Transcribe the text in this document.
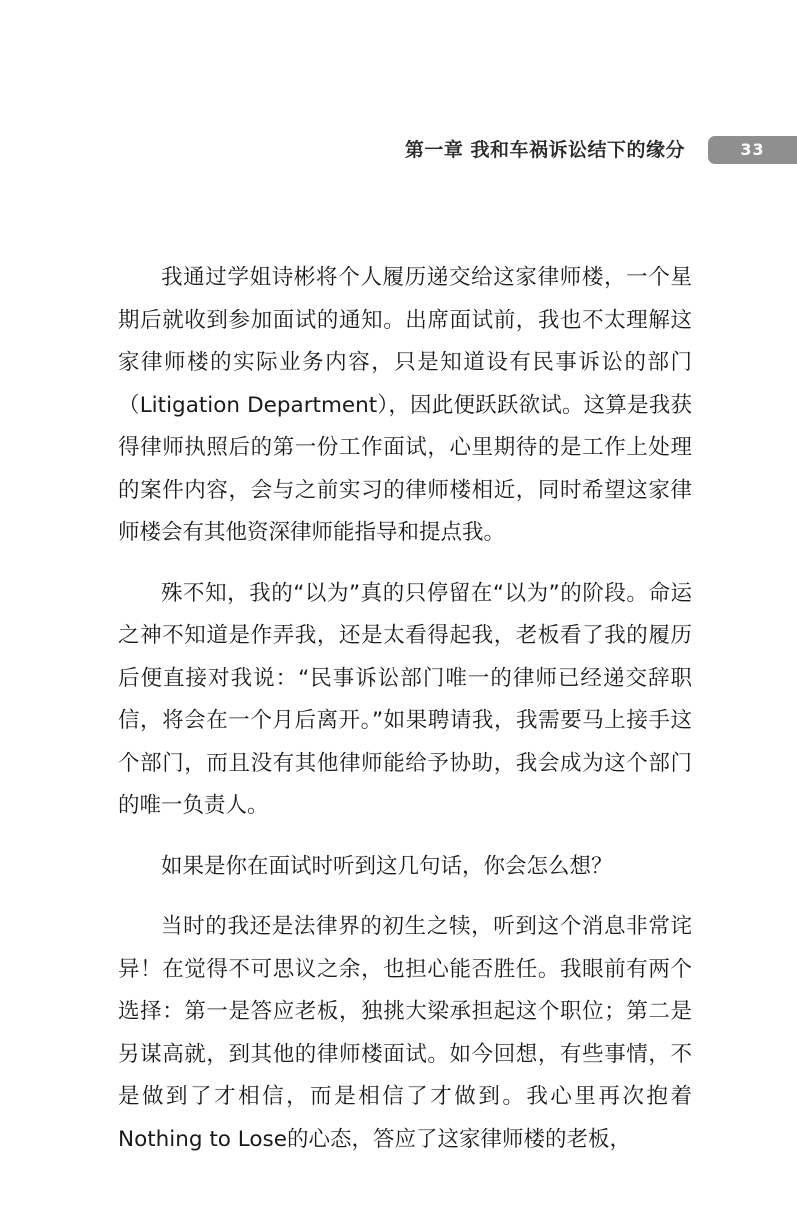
第一章 我和车祸诉讼结下的缘分	33

我通过学姐诗彬将个人履历递交给这家律师楼，一个星期后就收到参加面试的通知。出席面试前，我也不太理解这家律师楼的实际业务内容，只是知道设有民事诉讼的部门（Litigation Department），因此便跃跃欲试。这算是我获得律师执照后的第一份工作面试，心里期待的是工作上处理的案件内容，会与之前实习的律师楼相近，同时希望这家律师楼会有其他资深律师能指导和提点我。

殊不知，我的“以为”真的只停留在“以为”的阶段。命运之神不知道是作弄我，还是太看得起我，老板看了我的履历后便直接对我说：“民事诉讼部门唯一的律师已经递交辞职信，将会在一个月后离开。”如果聘请我，我需要马上接手这个部门，而且没有其他律师能给予协助，我会成为这个部门的唯一负责人。

如果是你在面试时听到这几句话，你会怎么想？

当时的我还是法律界的初生之犊，听到这个消息非常诧异！在觉得不可思议之余，也担心能否胜任。我眼前有两个选择：第一是答应老板，独挑大梁承担起这个职位；第二是另谋高就，到其他的律师楼面试。如今回想，有些事情，不是做到了才相信，而是相信了才做到。我心里再次抱着Nothing to Lose的心态，答应了这家律师楼的老板，
